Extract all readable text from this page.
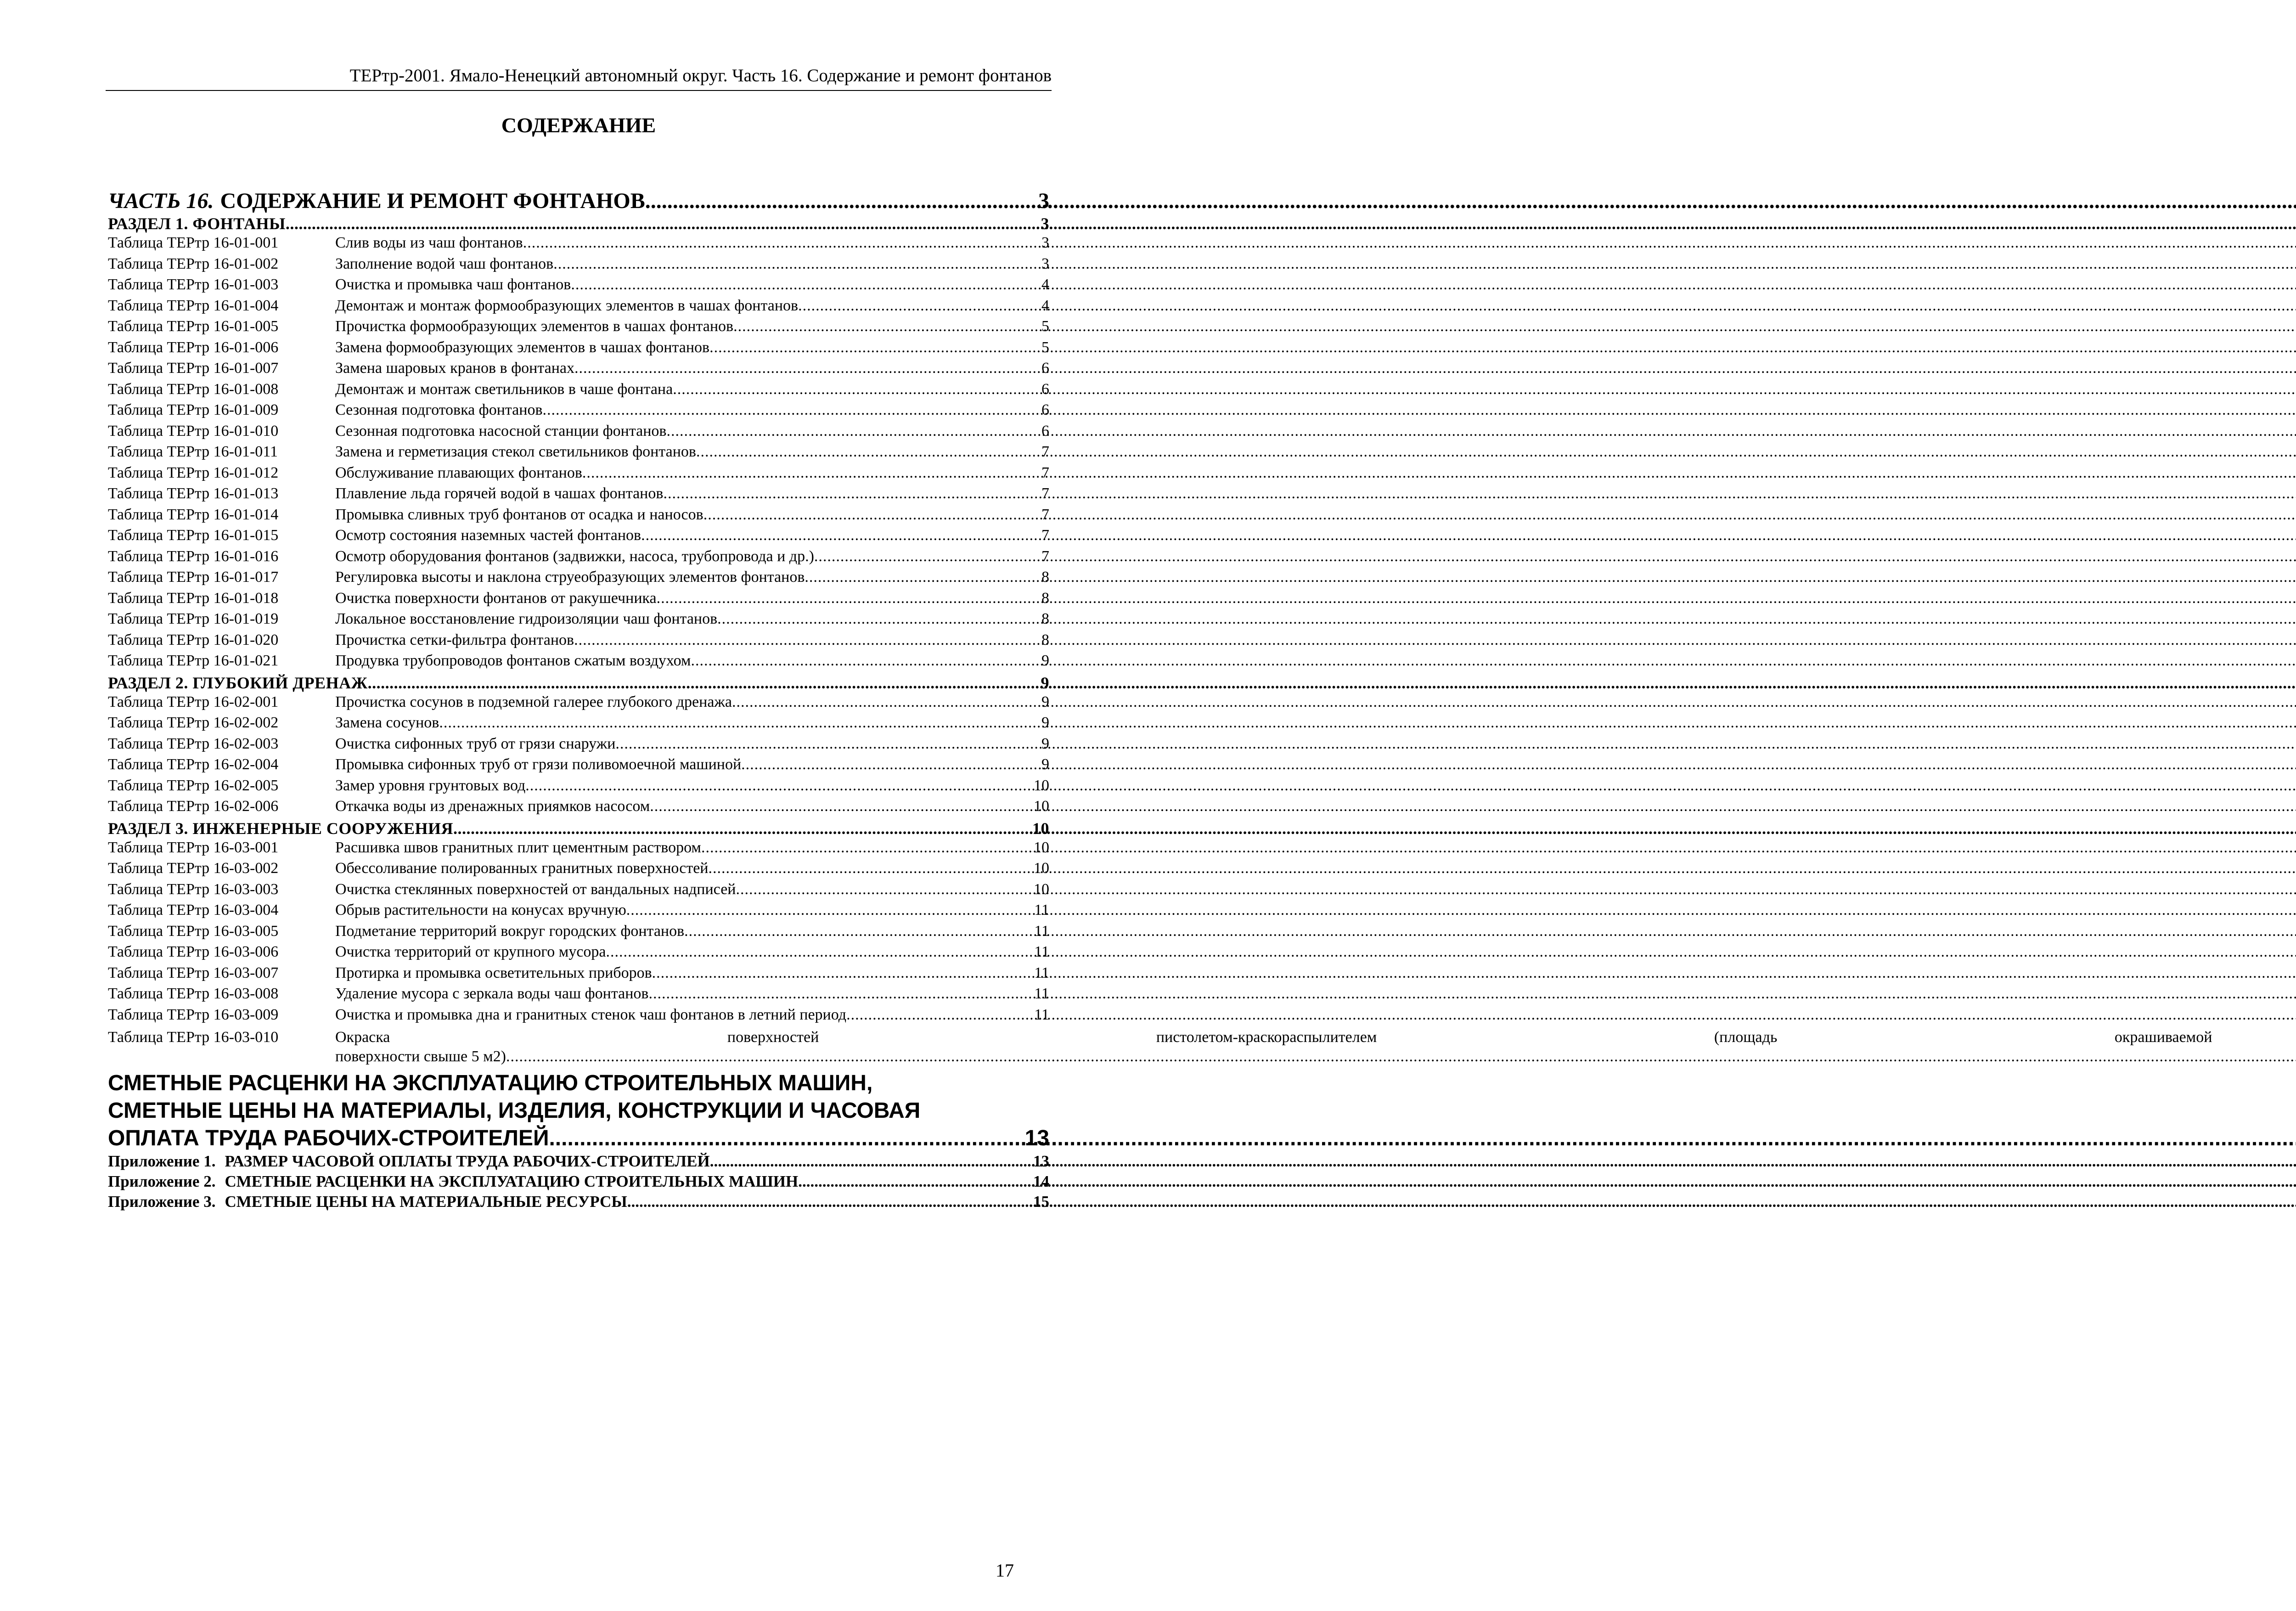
ТЕРтр-2001. Ямало-Ненецкий автономный округ. Часть 16. Содержание и ремонт фонтанов
СОДЕРЖАНИЕ
ЧАСТЬ 16. СОДЕРЖАНИЕ И РЕМОНТ ФОНТАНОВ .....	3
РАЗДЕЛ 1. ФОНТАНЫ .....	3
Таблица ТЕРтр 16-01-001	Слив воды из чаш фонтанов .....	3
Таблица ТЕРтр 16-01-002	Заполнение водой чаш фонтанов .....	3
Таблица ТЕРтр 16-01-003	Очистка и промывка чаш фонтанов .....	4
Таблица ТЕРтр 16-01-004	Демонтаж и монтаж формообразующих элементов в чашах фонтанов .....	4
Таблица ТЕРтр 16-01-005	Прочистка формообразующих элементов в чашах фонтанов .....	5
Таблица ТЕРтр 16-01-006	Замена формообразующих элементов в чашах фонтанов .....	5
Таблица ТЕРтр 16-01-007	Замена шаровых кранов в фонтанах .....	6
Таблица ТЕРтр 16-01-008	Демонтаж и монтаж светильников в чаше фонтана .....	6
Таблица ТЕРтр 16-01-009	Сезонная подготовка фонтанов .....	6
Таблица ТЕРтр 16-01-010	Сезонная подготовка насосной станции фонтанов .....	6
Таблица ТЕРтр 16-01-011	Замена и герметизация стекол светильников фонтанов .....	7
Таблица ТЕРтр 16-01-012	Обслуживание плавающих фонтанов .....	7
Таблица ТЕРтр 16-01-013	Плавление льда горячей водой в чашах фонтанов .....	7
Таблица ТЕРтр 16-01-014	Промывка сливных труб фонтанов от осадка и наносов .....	7
Таблица ТЕРтр 16-01-015	Осмотр состояния наземных частей фонтанов .....	7
Таблица ТЕРтр 16-01-016	Осмотр оборудования фонтанов (задвижки, насоса, трубопровода и др.) .....	7
Таблица ТЕРтр 16-01-017	Регулировка высоты и наклона струеобразующих элементов фонтанов .....	8
Таблица ТЕРтр 16-01-018	Очистка поверхности фонтанов от ракушечника .....	8
Таблица ТЕРтр 16-01-019	Локальное восстановление гидроизоляции чаш фонтанов .....	8
Таблица ТЕРтр 16-01-020	Прочистка сетки-фильтра фонтанов .....	8
Таблица ТЕРтр 16-01-021	Продувка трубопроводов фонтанов сжатым воздухом .....	9
РАЗДЕЛ 2. ГЛУБОКИЙ ДРЕНАЖ .....	9
Таблица ТЕРтр 16-02-001	Прочистка сосунов в подземной галерее глубокого дренажа .....	9
Таблица ТЕРтр 16-02-002	Замена сосунов .....	9
Таблица ТЕРтр 16-02-003	Очистка сифонных труб от грязи снаружи .....	9
Таблица ТЕРтр 16-02-004	Промывка сифонных труб от грязи поливомоечной машиной .....	9
Таблица ТЕРтр 16-02-005	Замер уровня грунтовых вод .....	10
Таблица ТЕРтр 16-02-006	Откачка воды из дренажных приямков насосом .....	10
РАЗДЕЛ 3. ИНЖЕНЕРНЫЕ СООРУЖЕНИЯ .....	10
Таблица ТЕРтр 16-03-001	Расшивка швов гранитных плит цементным раствором .....	10
Таблица ТЕРтр 16-03-002	Обессоливание полированных гранитных поверхностей .....	10
Таблица ТЕРтр 16-03-003	Очистка стеклянных поверхностей от вандальных надписей .....	10
Таблица ТЕРтр 16-03-004	Обрыв растительности на конусах вручную .....	11
Таблица ТЕРтр 16-03-005	Подметание территорий вокруг городских фонтанов .....	11
Таблица ТЕРтр 16-03-006	Очистка территорий от крупного мусора .....	11
Таблица ТЕРтр 16-03-007	Протирка и промывка осветительных приборов .....	11
Таблица ТЕРтр 16-03-008	Удаление мусора с зеркала воды чаш фонтанов .....	11
Таблица ТЕРтр 16-03-009	Очистка и промывка дна и гранитных стенок чаш фонтанов в летний период .....	11
Таблица ТЕРтр 16-03-010	Окраска	поверхностей	пистолетом-краскораспылителем	(площадь	окрашиваемой
поверхности свыше 5 м2)
.....
СМЕТНЫЕ РАСЦЕНКИ НА ЭКСПЛУАТАЦИЮ СТРОИТЕЛЬНЫХ МАШИН,
СМЕТНЫЕ ЦЕНЫ НА МАТЕРИАЛЫ, ИЗДЕЛИЯ, КОНСТРУКЦИИ И ЧАСОВАЯ
ОПЛАТА ТРУДА РАБОЧИХ-СТРОИТЕЛЕЙ .....	13
Приложение 1. РАЗМЕР ЧАСОВОЙ ОПЛАТЫ ТРУДА РАБОЧИХ-СТРОИТЕЛЕЙ .....	13
Приложение 2. СМЕТНЫЕ РАСЦЕНКИ НА ЭКСПЛУАТАЦИЮ СТРОИТЕЛЬНЫХ МАШИН .....	14
Приложение 3. СМЕТНЫЕ ЦЕНЫ НА МАТЕРИАЛЬНЫЕ РЕСУРСЫ .....	15
17
